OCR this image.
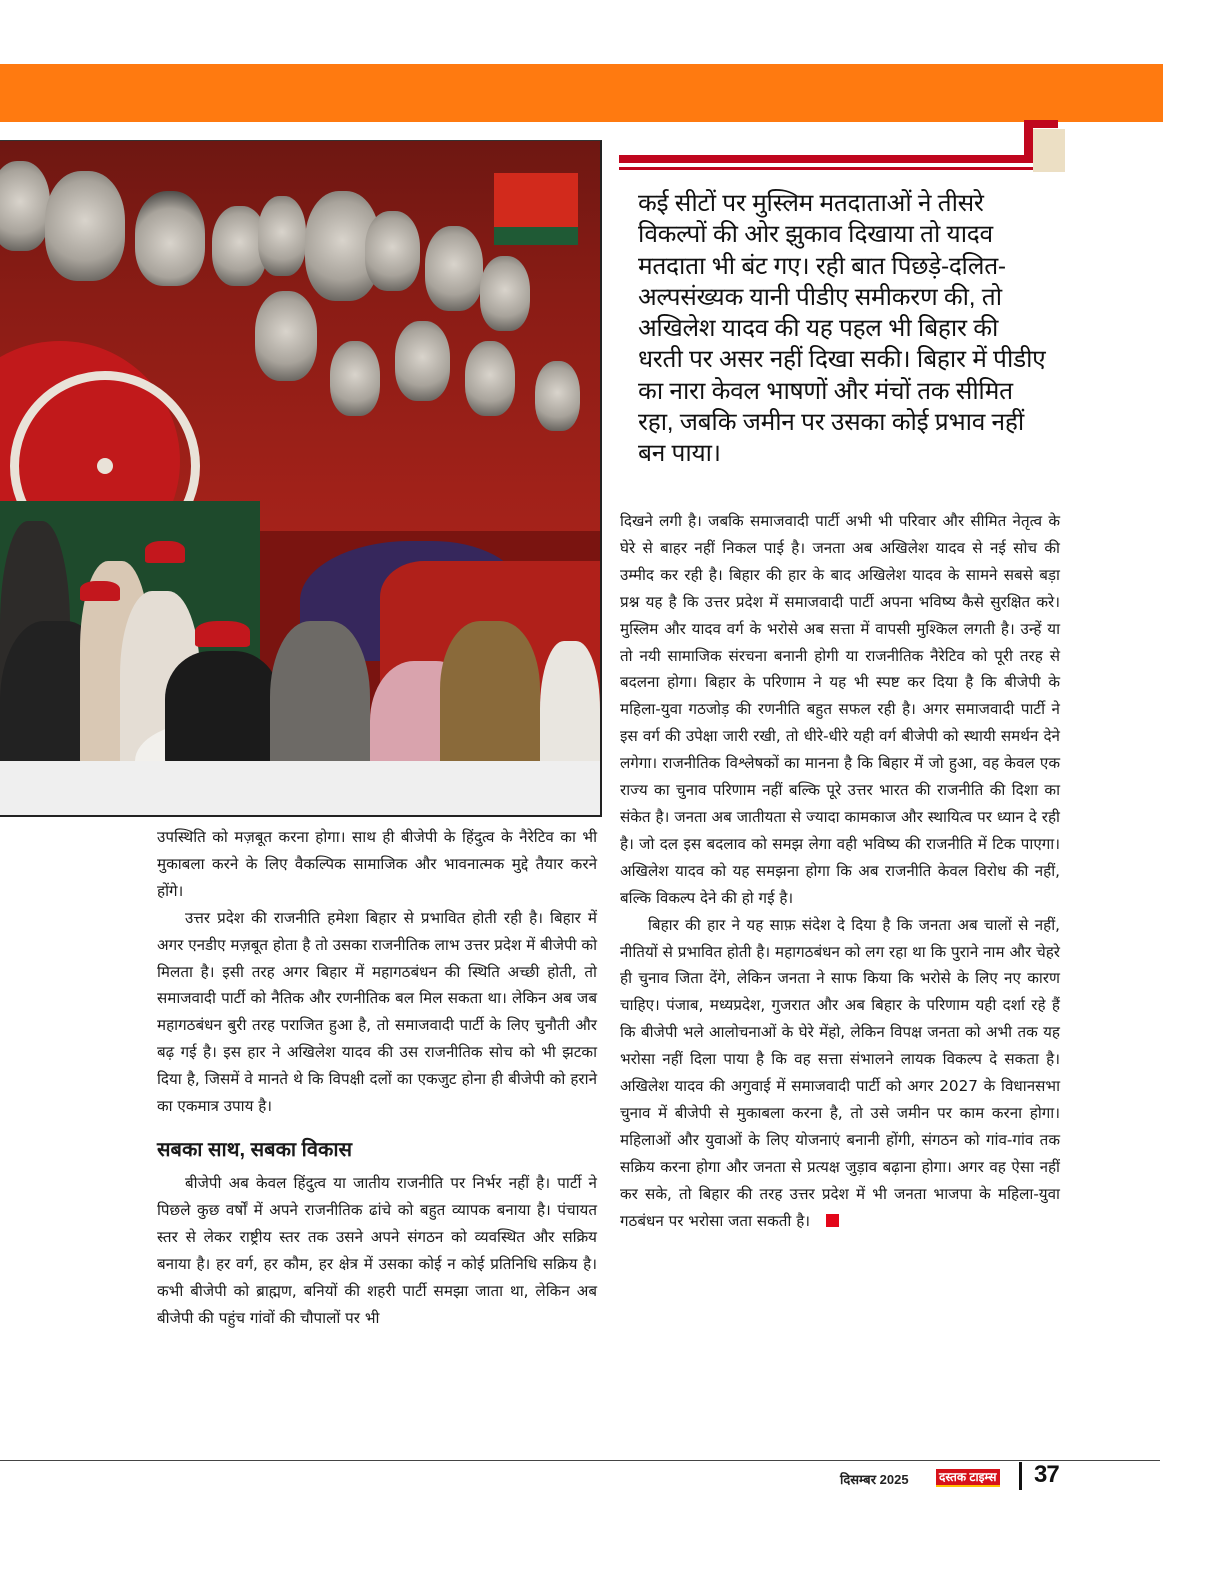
कई सीटों पर मुस्लिम मतदाताओं ने तीसरे विकल्पों की ओर झुकाव दिखाया तो यादव मतदाता भी बंट गए। रही बात पिछड़े-दलित-अल्पसंख्यक यानी पीडीए समीकरण की, तो अखिलेश यादव की यह पहल भी बिहार की धरती पर असर नहीं दिखा सकी। बिहार में पीडीए का नारा केवल भाषणों और मंचों तक सीमित रहा, जबकि जमीन पर उसका कोई प्रभाव नहीं बन पाया।

उपस्थिति को मज़बूत करना होगा। साथ ही बीजेपी के हिंदुत्व के नैरेटिव का भी मुकाबला करने के लिए वैकल्पिक सामाजिक और भावनात्मक मुद्दे तैयार करने होंगे।

उत्तर प्रदेश की राजनीति हमेशा बिहार से प्रभावित होती रही है। बिहार में अगर एनडीए मज़बूत होता है तो उसका राजनीतिक लाभ उत्तर प्रदेश में बीजेपी को मिलता है। इसी तरह अगर बिहार में महागठबंधन की स्थिति अच्छी होती, तो समाजवादी पार्टी को नैतिक और रणनीतिक बल मिल सकता था। लेकिन अब जब महागठबंधन बुरी तरह पराजित हुआ है, तो समाजवादी पार्टी के लिए चुनौती और बढ़ गई है। इस हार ने अखिलेश यादव की उस राजनीतिक सोच को भी झटका दिया है, जिसमें वे मानते थे कि विपक्षी दलों का एकजुट होना ही बीजेपी को हराने का एकमात्र उपाय है।

सबका साथ, सबका विकास

बीजेपी अब केवल हिंदुत्व या जातीय राजनीति पर निर्भर नहीं है। पार्टी ने पिछले कुछ वर्षों में अपने राजनीतिक ढांचे को बहुत व्यापक बनाया है। पंचायत स्तर से लेकर राष्ट्रीय स्तर तक उसने अपने संगठन को व्यवस्थित और सक्रिय बनाया है। हर वर्ग, हर कौम, हर क्षेत्र में उसका कोई न कोई प्रतिनिधि सक्रिय है। कभी बीजेपी को ब्राह्मण, बनियों की शहरी पार्टी समझा जाता था, लेकिन अब बीजेपी की पहुंच गांवों की चौपालों पर भी

दिखने लगी है। जबकि समाजवादी पार्टी अभी भी परिवार और सीमित नेतृत्व के घेरे से बाहर नहीं निकल पाई है। जनता अब अखिलेश यादव से नई सोच की उम्मीद कर रही है। बिहार की हार के बाद अखिलेश यादव के सामने सबसे बड़ा प्रश्न यह है कि उत्तर प्रदेश में समाजवादी पार्टी अपना भविष्य कैसे सुरक्षित करे। मुस्लिम और यादव वर्ग के भरोसे अब सत्ता में वापसी मुश्किल लगती है। उन्हें या तो नयी सामाजिक संरचना बनानी होगी या राजनीतिक नैरेटिव को पूरी तरह से बदलना होगा। बिहार के परिणाम ने यह भी स्पष्ट कर दिया है कि बीजेपी के महिला-युवा गठजोड़ की रणनीति बहुत सफल रही है। अगर समाजवादी पार्टी ने इस वर्ग की उपेक्षा जारी रखी, तो धीरे-धीरे यही वर्ग बीजेपी को स्थायी समर्थन देने लगेगा। राजनीतिक विश्लेषकों का मानना है कि बिहार में जो हुआ, वह केवल एक राज्य का चुनाव परिणाम नहीं बल्कि पूरे उत्तर भारत की राजनीति की दिशा का संकेत है। जनता अब जातीयता से ज्यादा कामकाज और स्थायित्व पर ध्यान दे रही है। जो दल इस बदलाव को समझ लेगा वही भविष्य की राजनीति में टिक पाएगा। अखिलेश यादव को यह समझना होगा कि अब राजनीति केवल विरोध की नहीं, बल्कि विकल्प देने की हो गई है।

बिहार की हार ने यह साफ़ संदेश दे दिया है कि जनता अब चालों से नहीं, नीतियों से प्रभावित होती है। महागठबंधन को लग रहा था कि पुराने नाम और चेहरे ही चुनाव जिता देंगे, लेकिन जनता ने साफ किया कि भरोसे के लिए नए कारण चाहिए। पंजाब, मध्यप्रदेश, गुजरात और अब बिहार के परिणाम यही दर्शा रहे हैं कि बीजेपी भले आलोचनाओं के घेरे मेंहो, लेकिन विपक्ष जनता को अभी तक यह भरोसा नहीं दिला पाया है कि वह सत्ता संभालने लायक विकल्प दे सकता है। अखिलेश यादव की अगुवाई में समाजवादी पार्टी को अगर 2027 के विधानसभा चुनाव में बीजेपी से मुकाबला करना है, तो उसे जमीन पर काम करना होगा। महिलाओं और युवाओं के लिए योजनाएं बनानी होंगी, संगठन को गांव-गांव तक सक्रिय करना होगा और जनता से प्रत्यक्ष जुड़ाव बढ़ाना होगा। अगर वह ऐसा नहीं कर सके, तो बिहार की तरह उत्तर प्रदेश में भी जनता भाजपा के महिला-युवा गठबंधन पर भरोसा जता सकती है।

दिसम्बर 2025	दस्तक टाइम्स 37
